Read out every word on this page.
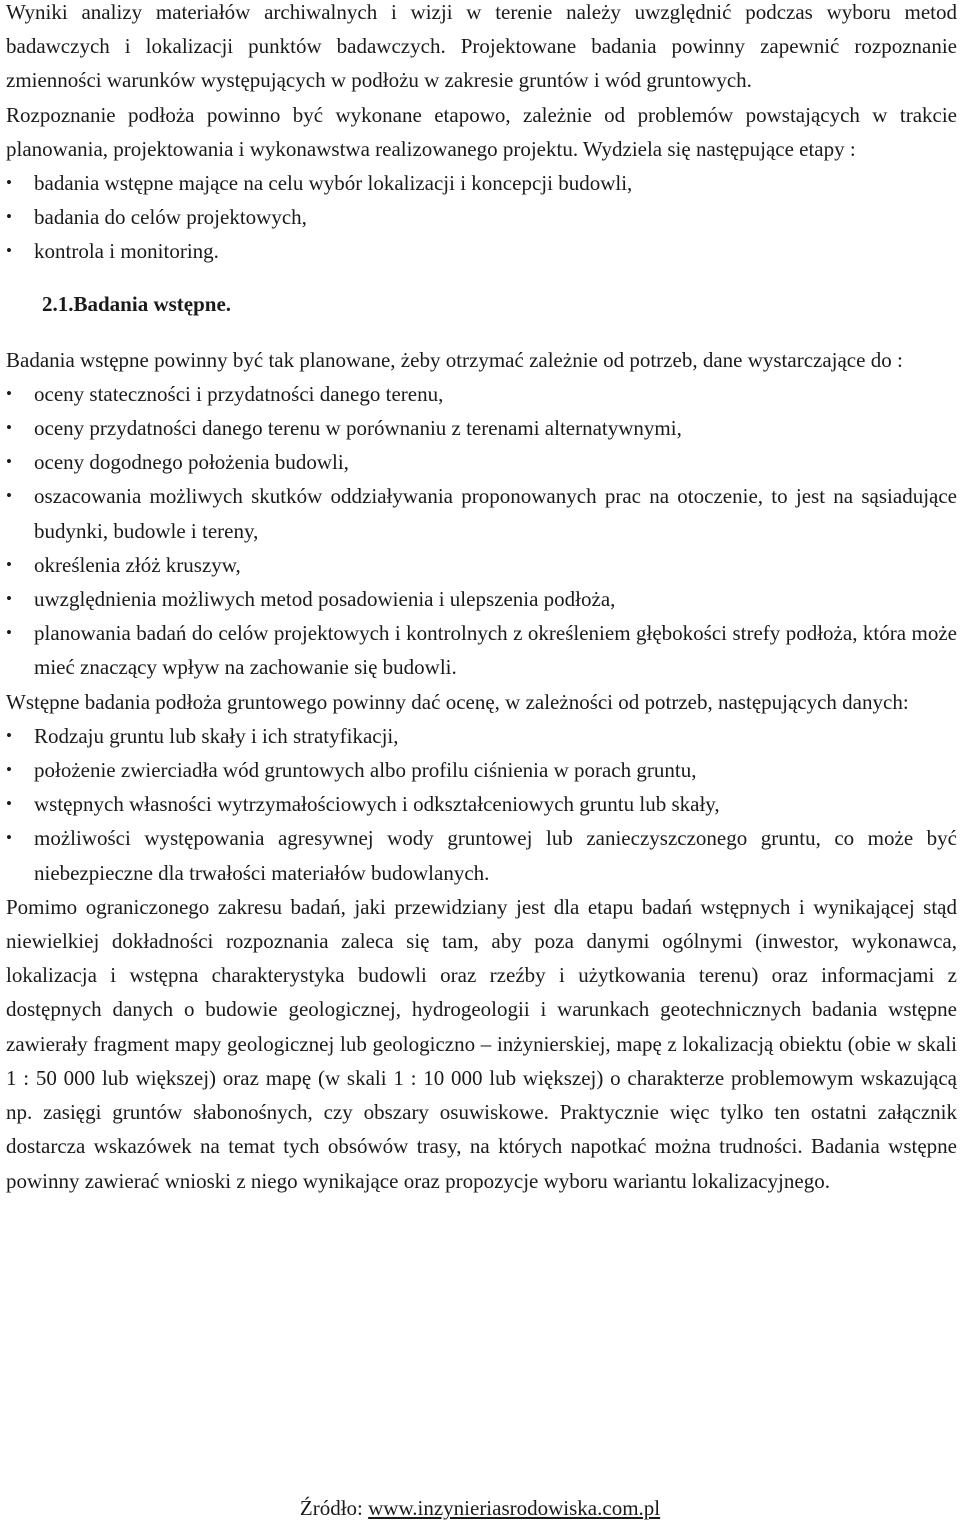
Wyniki analizy materiałów archiwalnych i wizji w terenie należy uwzględnić podczas wyboru metod badawczych i lokalizacji punktów badawczych. Projektowane badania powinny zapewnić rozpoznanie zmienności warunków występujących w podłożu w zakresie gruntów i wód gruntowych.

Rozpoznanie podłoża powinno być wykonane etapowo, zależnie od problemów powstających w trakcie planowania, projektowania i wykonawstwa realizowanego projektu. Wydziela się następujące etapy :

• badania wstępne mające na celu wybór lokalizacji i koncepcji budowli,
• badania do celów projektowych,
• kontrola i monitoring.
2.1.Badania wstępne.

Badania wstępne powinny być tak planowane, żeby otrzymać zależnie od potrzeb, dane wystarczające do :

• oceny stateczności i przydatności danego terenu,
• oceny przydatności danego terenu w porównaniu z terenami alternatywnymi,
• oceny dogodnego położenia budowli,
• oszacowania możliwych skutków oddziaływania proponowanych prac na otoczenie, to jest na sąsiadujące budynki, budowle i tereny,
• określenia złóż kruszyw,
• uwzględnienia możliwych metod posadowienia i ulepszenia podłoża,
• planowania badań do celów projektowych i kontrolnych z określeniem głębokości strefy podłoża, która może mieć znaczący wpływ na zachowanie się budowli.

Wstępne badania podłoża gruntowego powinny dać ocenę, w zależności od potrzeb, następujących danych:

• Rodzaju gruntu lub skały i ich stratyfikacji,
• położenie zwierciadła wód gruntowych albo profilu ciśnienia w porach gruntu,
• wstępnych własności wytrzymałościowych i odkształceniowych gruntu lub skały,
• możliwości występowania agresywnej wody gruntowej lub zanieczyszczonego gruntu, co może być niebezpieczne dla trwałości materiałów budowlanych.

Pomimo ograniczonego zakresu badań, jaki przewidziany jest dla etapu badań wstępnych i wynikającej stąd niewielkiej dokładności rozpoznania zaleca się tam, aby poza danymi ogólnymi (inwestor, wykonawca, lokalizacja i wstępna charakterystyka budowli oraz rzeźby i użytkowania terenu) oraz informacjami z dostępnych danych o budowie geologicznej, hydrogeologii i warunkach geotechnicznych badania wstępne zawierały fragment mapy geologicznej lub geologiczno – inżynierskiej, mapę z lokalizacją obiektu (obie w skali 1 : 50 000 lub większej) oraz mapę (w skali 1 : 10 000 lub większej) o charakterze problemowym wskazującą np. zasięgi gruntów słabonośnych, czy obszary osuwiskowe. Praktycznie więc tylko ten ostatni załącznik dostarcza wskazówek na temat tych obsówów trasy, na których napotkać można trudności. Badania wstępne powinny zawierać wnioski z niego wynikające oraz propozycje wyboru wariantu lokalizacyjnego.

Źródło: www.inzynieriasrodowiska.com.pl
